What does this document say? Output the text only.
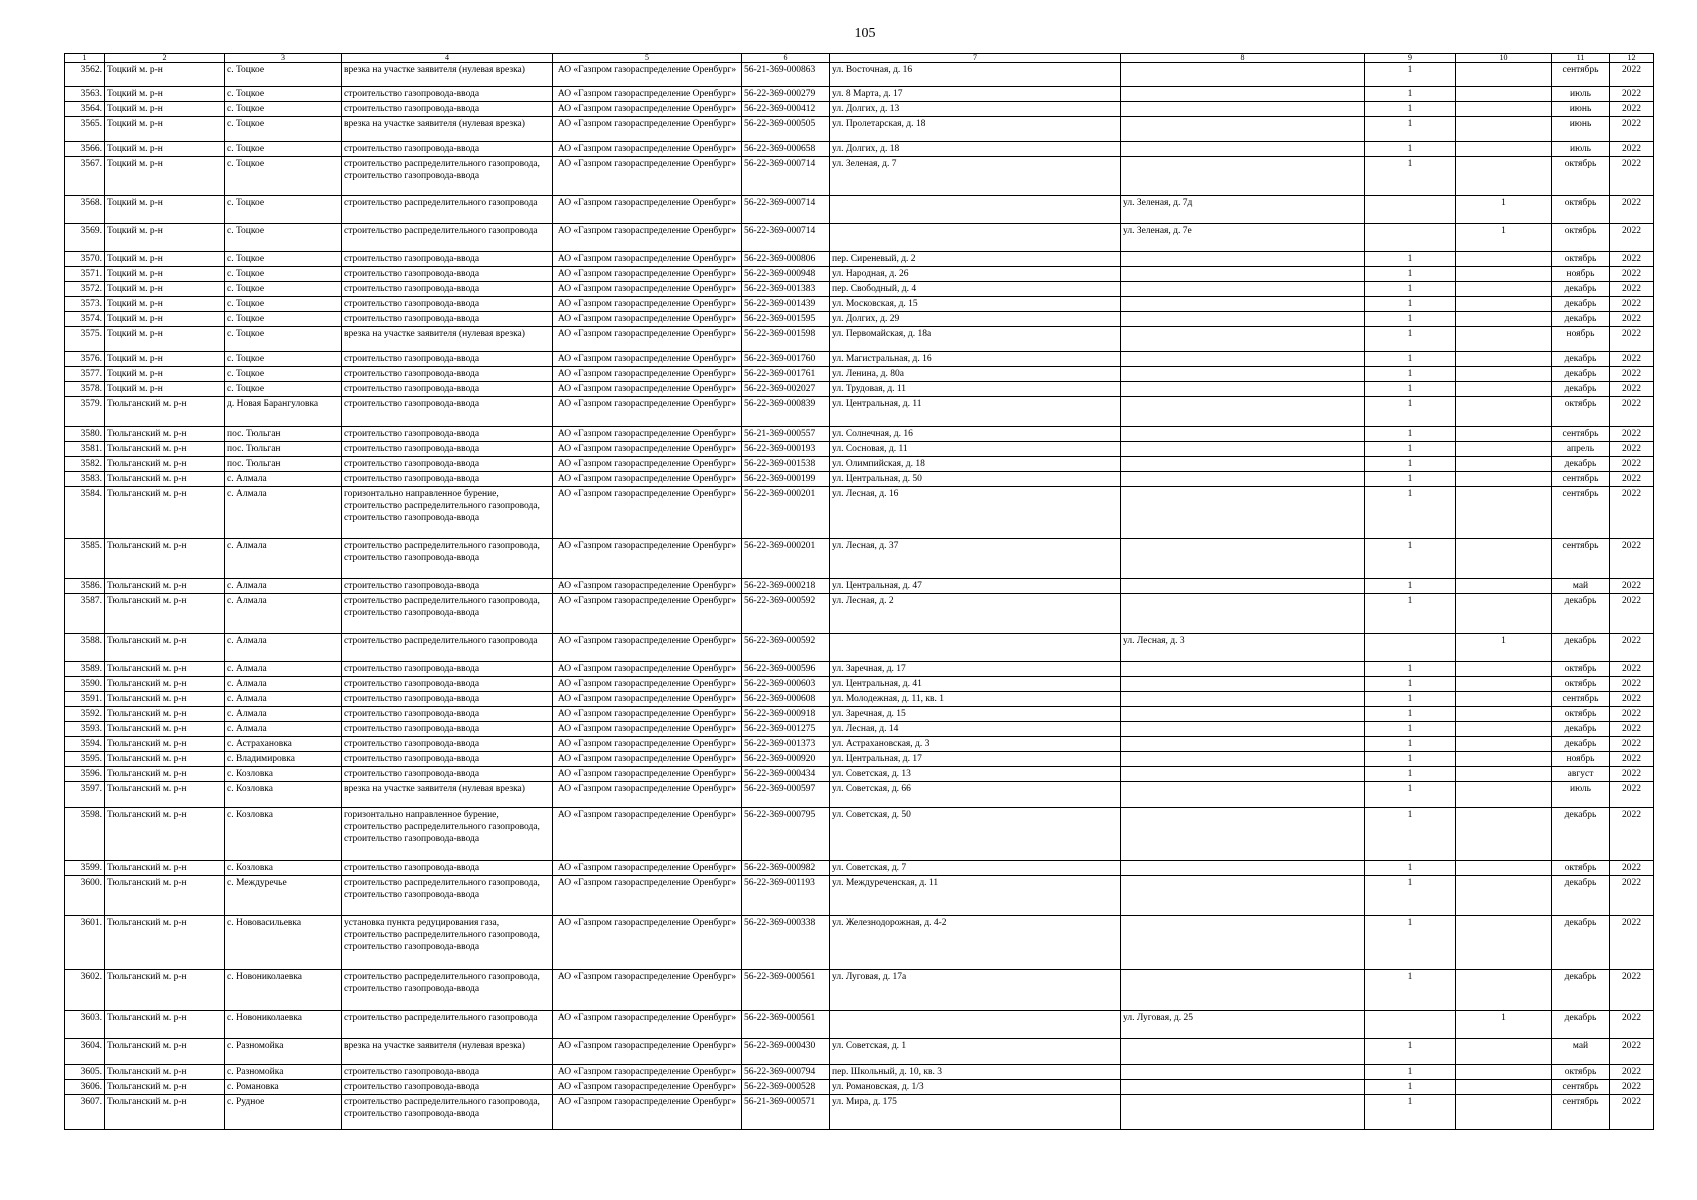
105
1	2	3	4	5	6	7	8	9	10	11	12
3562.	Тоцкий м. р-н	с. Тоцкое	врезка на участке заявителя (нулевая врезка)	АО «Газпром газораспределение Оренбург»	56-21-369-000863	ул. Восточная, д. 16		1		сентябрь	2022
3563.	Тоцкий м. р-н	с. Тоцкое	строительство газопровода-ввода	АО «Газпром газораспределение Оренбург»	56-22-369-000279	ул. 8 Марта, д. 17		1		июль	2022
3564.	Тоцкий м. р-н	с. Тоцкое	строительство газопровода-ввода	АО «Газпром газораспределение Оренбург»	56-22-369-000412	ул. Долгих, д. 13		1		июнь	2022
3565.	Тоцкий м. р-н	с. Тоцкое	врезка на участке заявителя (нулевая врезка)	АО «Газпром газораспределение Оренбург»	56-22-369-000505	ул. Пролетарская, д. 18		1		июнь	2022
3566.	Тоцкий м. р-н	с. Тоцкое	строительство газопровода-ввода	АО «Газпром газораспределение Оренбург»	56-22-369-000658	ул. Долгих, д. 18		1		июль	2022
3567.	Тоцкий м. р-н	с. Тоцкое	строительство распределительного газопровода, строительство газопровода-ввода	АО «Газпром газораспределение Оренбург»	56-22-369-000714	ул. Зеленая, д. 7		1		октябрь	2022
3568.	Тоцкий м. р-н	с. Тоцкое	строительство распределительного газопровода	АО «Газпром газораспределение Оренбург»	56-22-369-000714		ул. Зеленая, д. 7д		1	октябрь	2022
3569.	Тоцкий м. р-н	с. Тоцкое	строительство распределительного газопровода	АО «Газпром газораспределение Оренбург»	56-22-369-000714		ул. Зеленая, д. 7е		1	октябрь	2022
3570.	Тоцкий м. р-н	с. Тоцкое	строительство газопровода-ввода	АО «Газпром газораспределение Оренбург»	56-22-369-000806	пер. Сиреневый, д. 2		1		октябрь	2022
3571.	Тоцкий м. р-н	с. Тоцкое	строительство газопровода-ввода	АО «Газпром газораспределение Оренбург»	56-22-369-000948	ул. Народная, д. 26		1		ноябрь	2022
3572.	Тоцкий м. р-н	с. Тоцкое	строительство газопровода-ввода	АО «Газпром газораспределение Оренбург»	56-22-369-001383	пер. Свободный, д. 4		1		декабрь	2022
3573.	Тоцкий м. р-н	с. Тоцкое	строительство газопровода-ввода	АО «Газпром газораспределение Оренбург»	56-22-369-001439	ул. Московская, д. 15		1		декабрь	2022
3574.	Тоцкий м. р-н	с. Тоцкое	строительство газопровода-ввода	АО «Газпром газораспределение Оренбург»	56-22-369-001595	ул. Долгих, д. 29		1		декабрь	2022
3575.	Тоцкий м. р-н	с. Тоцкое	врезка на участке заявителя (нулевая врезка)	АО «Газпром газораспределение Оренбург»	56-22-369-001598	ул. Первомайская, д. 18а		1		ноябрь	2022
3576.	Тоцкий м. р-н	с. Тоцкое	строительство газопровода-ввода	АО «Газпром газораспределение Оренбург»	56-22-369-001760	ул. Магистральная, д. 16		1		декабрь	2022
3577.	Тоцкий м. р-н	с. Тоцкое	строительство газопровода-ввода	АО «Газпром газораспределение Оренбург»	56-22-369-001761	ул. Ленина, д. 80а		1		декабрь	2022
3578.	Тоцкий м. р-н	с. Тоцкое	строительство газопровода-ввода	АО «Газпром газораспределение Оренбург»	56-22-369-002027	ул. Трудовая, д. 11		1		декабрь	2022
3579.	Тюльганский м. р-н	д. Новая Барангуловка	строительство газопровода-ввода	АО «Газпром газораспределение Оренбург»	56-22-369-000839	ул. Центральная, д. 11		1		октябрь	2022
3580.	Тюльганский м. р-н	пос. Тюльган	строительство газопровода-ввода	АО «Газпром газораспределение Оренбург»	56-21-369-000557	ул. Солнечная, д. 16		1		сентябрь	2022
3581.	Тюльганский м. р-н	пос. Тюльган	строительство газопровода-ввода	АО «Газпром газораспределение Оренбург»	56-22-369-000193	ул. Сосновая, д. 11		1		апрель	2022
3582.	Тюльганский м. р-н	пос. Тюльган	строительство газопровода-ввода	АО «Газпром газораспределение Оренбург»	56-22-369-001538	ул. Олимпийская, д. 18		1		декабрь	2022
3583.	Тюльганский м. р-н	с. Алмала	строительство газопровода-ввода	АО «Газпром газораспределение Оренбург»	56-22-369-000199	ул. Центральная, д. 50		1		сентябрь	2022
3584.	Тюльганский м. р-н	с. Алмала	горизонтально направленное бурение, строительство распределительного газопровода, строительство газопровода-ввода	АО «Газпром газораспределение Оренбург»	56-22-369-000201	ул. Лесная, д. 16		1		сентябрь	2022
3585.	Тюльганский м. р-н	с. Алмала	строительство распределительного газопровода, строительство газопровода-ввода	АО «Газпром газораспределение Оренбург»	56-22-369-000201	ул. Лесная, д. 37		1		сентябрь	2022
3586.	Тюльганский м. р-н	с. Алмала	строительство газопровода-ввода	АО «Газпром газораспределение Оренбург»	56-22-369-000218	ул. Центральная, д. 47		1		май	2022
3587.	Тюльганский м. р-н	с. Алмала	строительство распределительного газопровода, строительство газопровода-ввода	АО «Газпром газораспределение Оренбург»	56-22-369-000592	ул. Лесная, д. 2		1		декабрь	2022
3588.	Тюльганский м. р-н	с. Алмала	строительство распределительного газопровода	АО «Газпром газораспределение Оренбург»	56-22-369-000592		ул. Лесная, д. 3		1	декабрь	2022
3589.	Тюльганский м. р-н	с. Алмала	строительство газопровода-ввода	АО «Газпром газораспределение Оренбург»	56-22-369-000596	ул. Заречная, д. 17		1		октябрь	2022
3590.	Тюльганский м. р-н	с. Алмала	строительство газопровода-ввода	АО «Газпром газораспределение Оренбург»	56-22-369-000603	ул. Центральная, д. 41		1		октябрь	2022
3591.	Тюльганский м. р-н	с. Алмала	строительство газопровода-ввода	АО «Газпром газораспределение Оренбург»	56-22-369-000608	ул. Молодежная, д. 11, кв. 1		1		сентябрь	2022
3592.	Тюльганский м. р-н	с. Алмала	строительство газопровода-ввода	АО «Газпром газораспределение Оренбург»	56-22-369-000918	ул. Заречная, д. 15		1		октябрь	2022
3593.	Тюльганский м. р-н	с. Алмала	строительство газопровода-ввода	АО «Газпром газораспределение Оренбург»	56-22-369-001275	ул. Лесная, д. 14		1		декабрь	2022
3594.	Тюльганский м. р-н	с. Астрахановка	строительство газопровода-ввода	АО «Газпром газораспределение Оренбург»	56-22-369-001373	ул. Астрахановская, д. 3		1		декабрь	2022
3595.	Тюльганский м. р-н	с. Владимировка	строительство газопровода-ввода	АО «Газпром газораспределение Оренбург»	56-22-369-000920	ул. Центральная, д. 17		1		ноябрь	2022
3596.	Тюльганский м. р-н	с. Козловка	строительство газопровода-ввода	АО «Газпром газораспределение Оренбург»	56-22-369-000434	ул. Советская, д. 13		1		август	2022
3597.	Тюльганский м. р-н	с. Козловка	врезка на участке заявителя (нулевая врезка)	АО «Газпром газораспределение Оренбург»	56-22-369-000597	ул. Советская, д. 66		1		июль	2022
3598.	Тюльганский м. р-н	с. Козловка	горизонтально направленное бурение, строительство распределительного газопровода, строительство газопровода-ввода	АО «Газпром газораспределение Оренбург»	56-22-369-000795	ул. Советская, д. 50		1		декабрь	2022
3599.	Тюльганский м. р-н	с. Козловка	строительство газопровода-ввода	АО «Газпром газораспределение Оренбург»	56-22-369-000982	ул. Советская, д. 7		1		октябрь	2022
3600.	Тюльганский м. р-н	с. Междуречье	строительство распределительного газопровода, строительство газопровода-ввода	АО «Газпром газораспределение Оренбург»	56-22-369-001193	ул. Междуреченская, д. 11		1		декабрь	2022
3601.	Тюльганский м. р-н	с. Нововасильевка	установка пункта редуцирования газа, строительство распределительного газопровода, строительство газопровода-ввода	АО «Газпром газораспределение Оренбург»	56-22-369-000338	ул. Железнодорожная, д. 4-2		1		декабрь	2022
3602.	Тюльганский м. р-н	с. Новониколаевка	строительство распределительного газопровода, строительство газопровода-ввода	АО «Газпром газораспределение Оренбург»	56-22-369-000561	ул. Луговая, д. 17а		1		декабрь	2022
3603.	Тюльганский м. р-н	с. Новониколаевка	строительство распределительного газопровода	АО «Газпром газораспределение Оренбург»	56-22-369-000561		ул. Луговая, д. 25		1	декабрь	2022
3604.	Тюльганский м. р-н	с. Разномойка	врезка на участке заявителя (нулевая врезка)	АО «Газпром газораспределение Оренбург»	56-22-369-000430	ул. Советская, д. 1		1		май	2022
3605.	Тюльганский м. р-н	с. Разномойка	строительство газопровода-ввода	АО «Газпром газораспределение Оренбург»	56-22-369-000794	пер. Школьный, д. 10, кв. 3		1		октябрь	2022
3606.	Тюльганский м. р-н	с. Романовка	строительство газопровода-ввода	АО «Газпром газораспределение Оренбург»	56-22-369-000528	ул. Романовская, д. 1/3		1		сентябрь	2022
3607.	Тюльганский м. р-н	с. Рудное	строительство распределительного газопровода, строительство газопровода-ввода	АО «Газпром газораспределение Оренбург»	56-21-369-000571	ул. Мира, д. 175		1		сентябрь	2022
